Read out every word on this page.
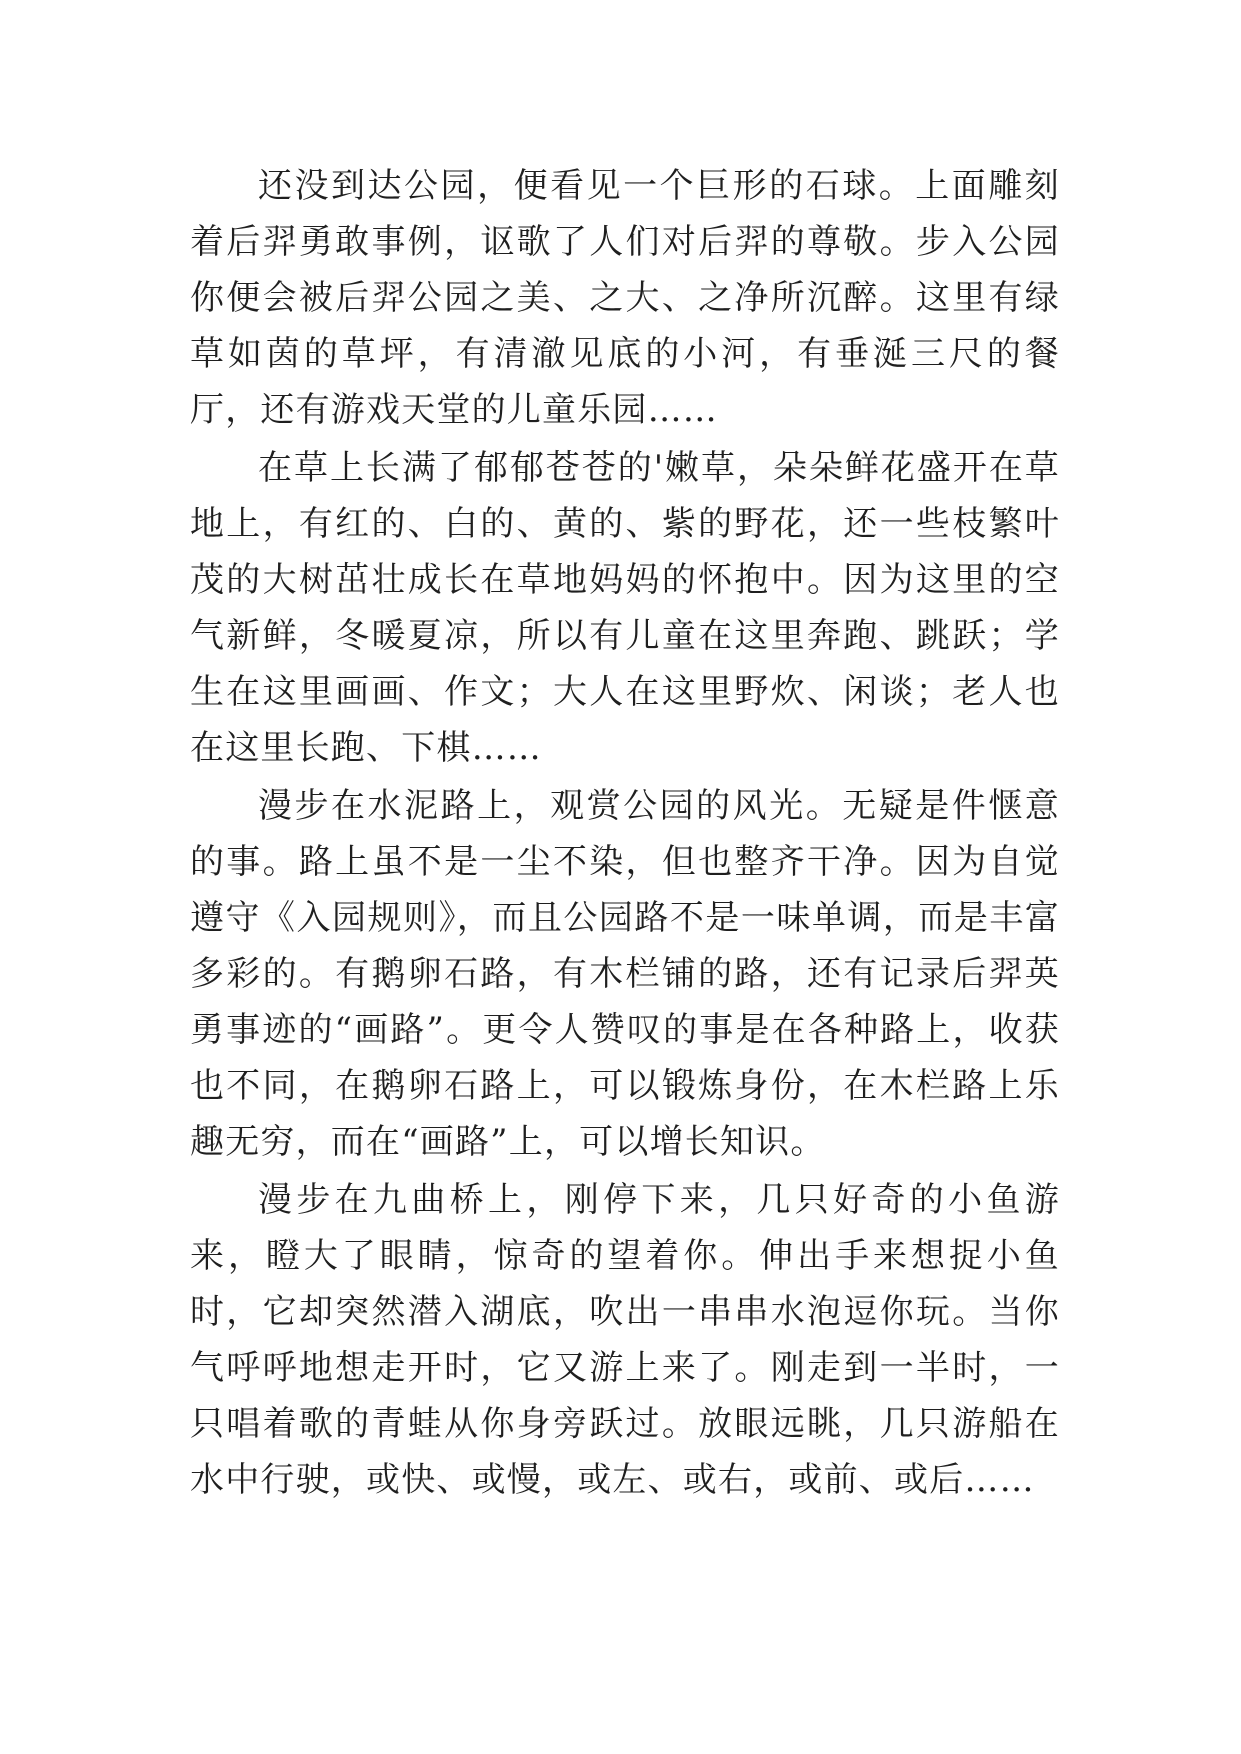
还没到达公园，便看见一个巨形的石球。上面雕刻着后羿勇敢事例，讴歌了人们对后羿的尊敬。步入公园你便会被后羿公园之美、之大、之净所沉醉。这里有绿草如茵的草坪，有清澈见底的小河，有垂涎三尺的餐厅，还有游戏天堂的儿童乐园……

在草上长满了郁郁苍苍的'嫩草，朵朵鲜花盛开在草地上，有红的、白的、黄的、紫的野花，还一些枝繁叶茂的大树茁壮成长在草地妈妈的怀抱中。因为这里的空气新鲜，冬暖夏凉，所以有儿童在这里奔跑、跳跃；学生在这里画画、作文；大人在这里野炊、闲谈；老人也在这里长跑、下棋……

漫步在水泥路上，观赏公园的风光。无疑是件惬意的事。路上虽不是一尘不染，但也整齐干净。因为自觉遵守《入园规则》，而且公园路不是一味单调，而是丰富多彩的。有鹅卵石路，有木栏铺的路，还有记录后羿英勇事迹的“画路”。更令人赞叹的事是在各种路上，收获也不同，在鹅卵石路上，可以锻炼身份，在木栏路上乐趣无穷，而在“画路”上，可以增长知识。

漫步在九曲桥上，刚停下来，几只好奇的小鱼游来，瞪大了眼睛，惊奇的望着你。伸出手来想捉小鱼时，它却突然潜入湖底，吹出一串串水泡逗你玩。当你气呼呼地想走开时，它又游上来了。刚走到一半时，一只唱着歌的青蛙从你身旁跃过。放眼远眺，几只游船在水中行驶，或快、或慢，或左、或右，或前、或后……
